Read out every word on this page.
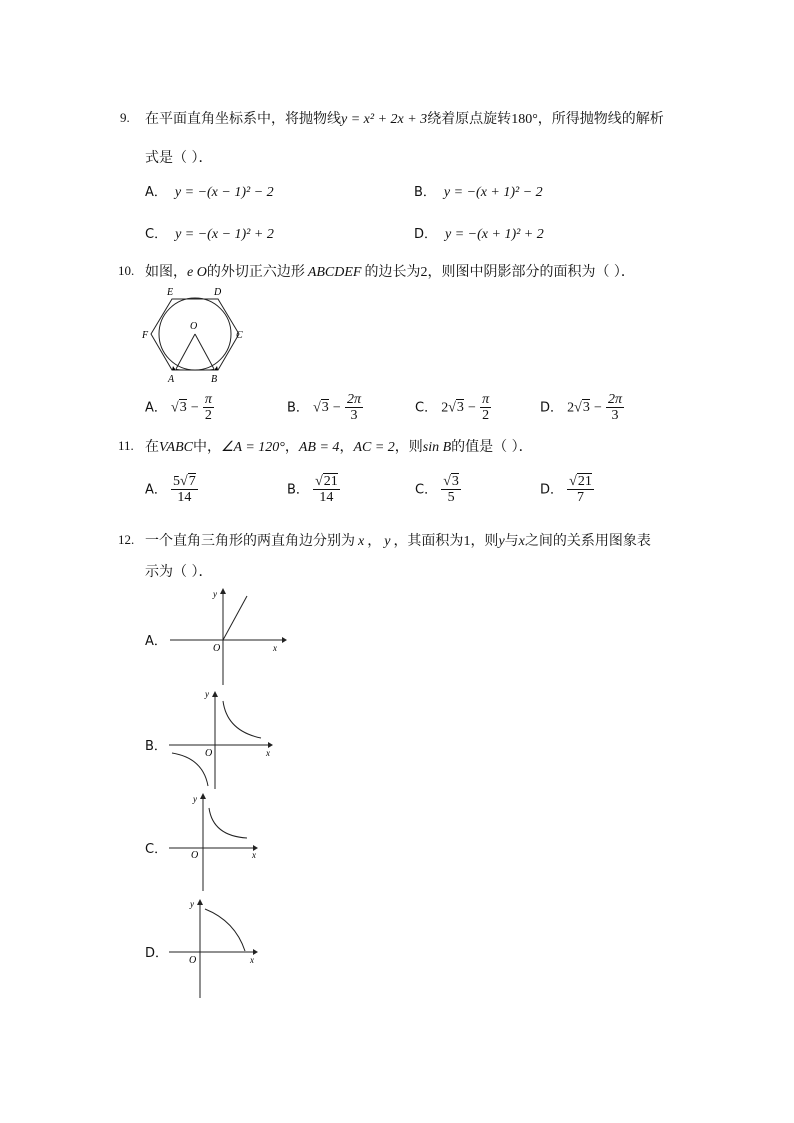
9. 在平面直角坐标系中，将抛物线y = x² + 2x + 3绕着原点旋转180°，所得抛物线的解析
式是（ ）．
A． y = −(x − 1)² − 2	B． y = −(x + 1)² − 2
C． y = −(x − 1)² + 2	D． y = −(x + 1)² + 2
10. 如图，e O的外切正六边形 ABCDEF 的边长为2，则图中阴影部分的面积为（ ）．
E	D
F	C
O
A	B
A． $√3 - \frac{\pi}{2}$	B． $√3 - \frac{2\pi}{3}$	C． $2√3 - \frac{\pi}{2}$	D． $2√3 - \frac{2\pi}{3}$
11. 在VABC中，∠A = 120°，AB = 4，AC = 2，则sin B的值是（ ）．
A． $\frac{5√7}{14}$	B． $\frac{√21}{14}$	C． $\frac{√3}{5}$	D． $\frac{√21}{7}$
12. 一个直角三角形的两直角边分别为 x ， y ，其面积为1，则y与x之间的关系用图象表
示为（ ）．
A．
y
x
O
B．
y
x
O
C．
y
x
O
D．
y
x
O
